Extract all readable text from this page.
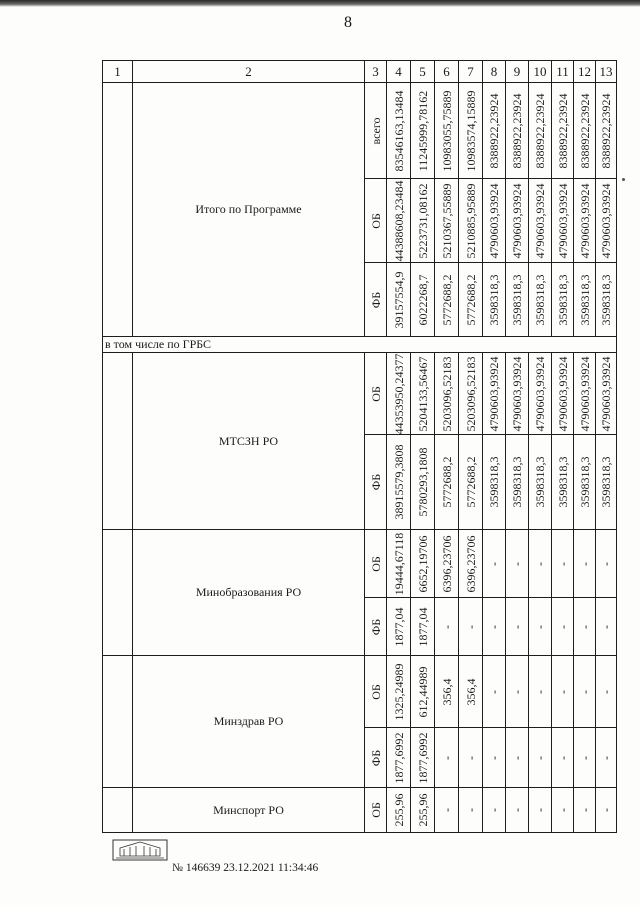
8
1	2	3	4	5	6	7	8	9	10	11	12	13
	Итого по Программе	всего	83546163,13484	11245999,78162	10983055,75889	10983574,15889	8388922,23924	8388922,23924	8388922,23924	8388922,23924	8388922,23924	8388922,23924

		ОБ	44388608,23484	5223731,08162	5210367,55889	5210885,95889	4790603,93924	4790603,93924	4790603,93924	4790603,93924	4790603,93924	4790603,93924

		ФБ	39157554,9	6022268,7	5772688,2	5772688,2	3598318,3	3598318,3	3598318,3	3598318,3	3598318,3	3598318,3

в том числе по ГРБС												
	МТСЗН РО	ОБ	44353950,24377	5204133,56467	5203096,52183	5203096,52183	4790603,93924	4790603,93924	4790603,93924	4790603,93924	4790603,93924	4790603,93924

		ФБ	38915579,3808	5780293,1808	5772688,2	5772688,2	3598318,3	3598318,3	3598318,3	3598318,3	3598318,3	3598318,3

	Минобразования РО	ОБ	19444,67118	6652,19706	6396,23706	6396,23706	-	-	-	-	-	-

		ФБ	1877,04	1877,04	-	-	-	-	-	-	-	-

	Минздрав РО	ОБ	1325,24989	612,44989	356,4	356,4	-	-	-	-	-	-

		ФБ	1877,6992	1877,6992	-	-	-	-	-	-	-	-

	Минспорт РО	ОБ	255,96	255,96	-	-	-	-	-	-	-	-
№ 146639 23.12.2021 11:34:46
